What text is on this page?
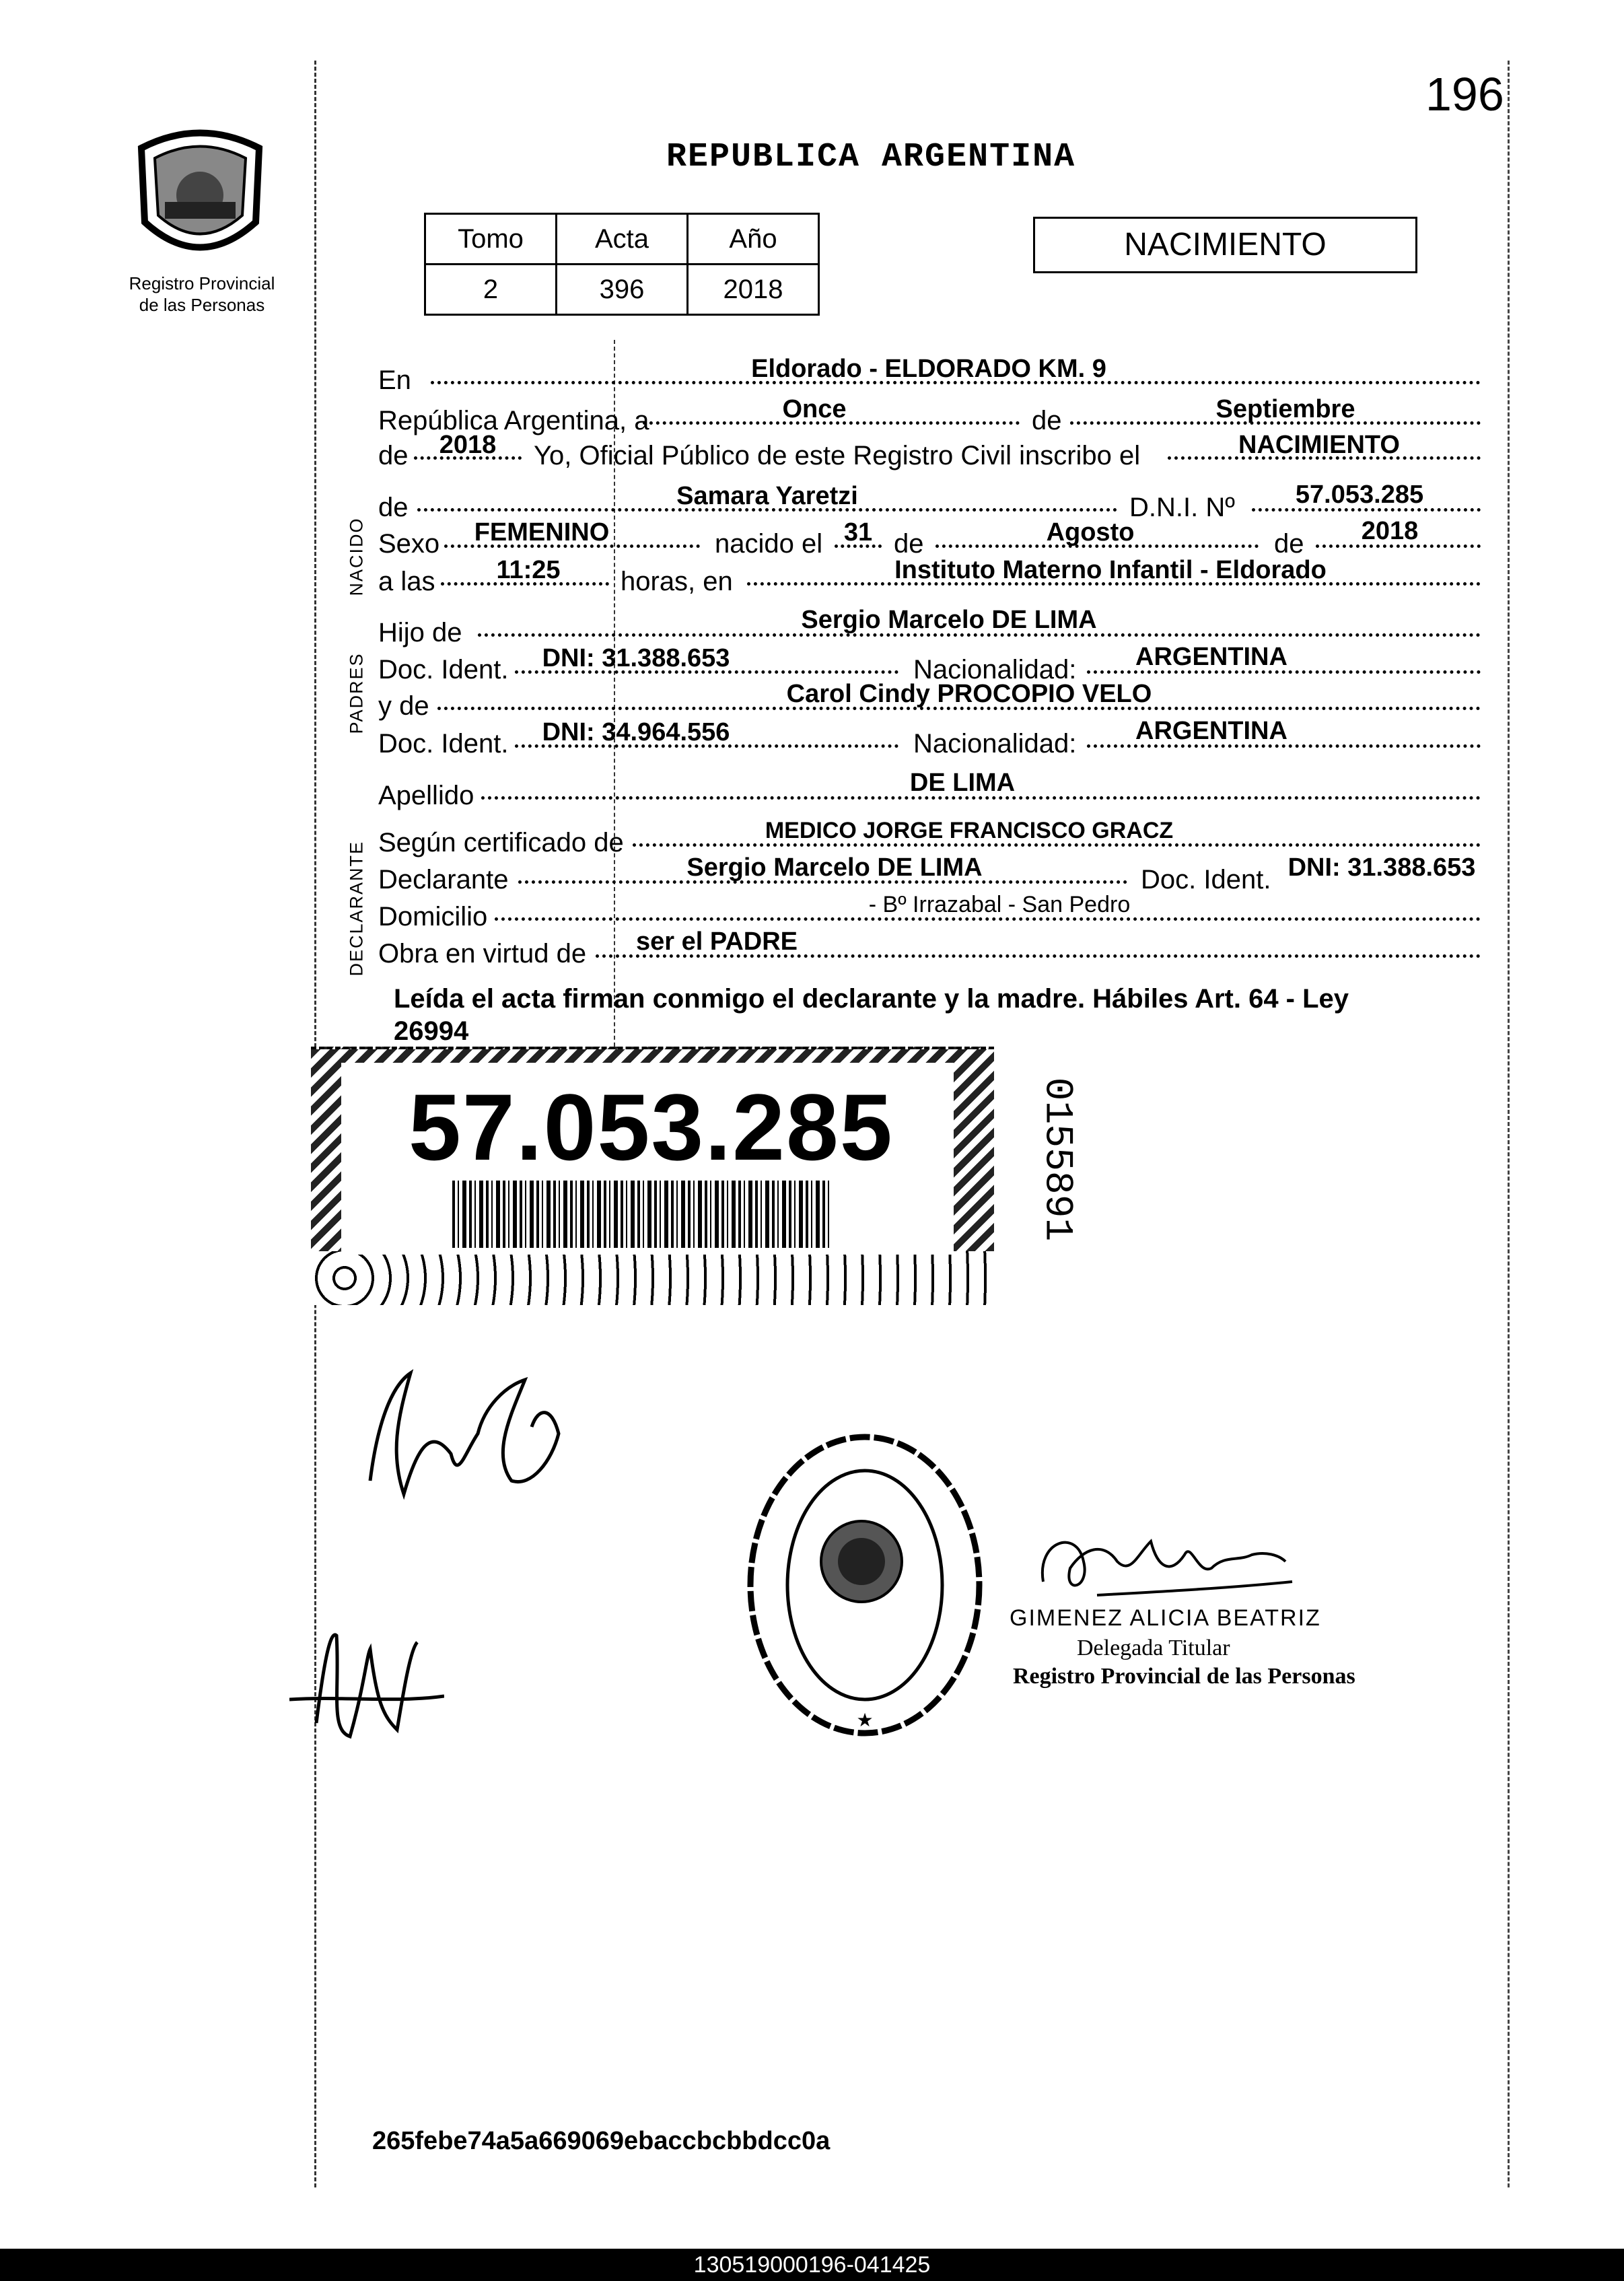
196
Registro Provincial
de las Personas
REPUBLICA ARGENTINA
Tomo	Acta	Año
2	396	2018
NACIMIENTO
NACIDO
PADRES
DECLARANTE
En	Eldorado - ELDORADO KM. 9
República Argentina, a	Once	de	Septiembre
de	2018	Yo, Oficial Público de este Registro Civil inscribo el	NACIMIENTO
de	Samara Yaretzi	D.N.I. Nº	57.053.285
Sexo	FEMENINO	nacido el 31 de	Agosto	de	2018
a las	11:25	horas, en	Instituto Materno Infantil - Eldorado
Hijo de	Sergio Marcelo DE LIMA
Doc. Ident.	DNI: 31.388.653	Nacionalidad:	ARGENTINA
y de	Carol Cindy PROCOPIO VELO
Doc. Ident.	DNI: 34.964.556	Nacionalidad:	ARGENTINA
Apellido	DE LIMA
Según certificado de	MEDICO JORGE FRANCISCO GRACZ
Declarante	Sergio Marcelo DE LIMA	Doc. Ident. DNI: 31.388.653
Domicilio	- Bº Irrazabal - San Pedro
Obra en virtud de	ser el PADRE
Leída el acta firman conmigo el declarante y la madre. Hábiles Art. 64 - Ley
26994
57.053.285	0155891
★
GIMENEZ ALICIA BEATRIZ
Delegada Titular
Registro Provincial de las Personas
265febe74a5a669069ebaccbcbbdcc0a
130519000196-041425
